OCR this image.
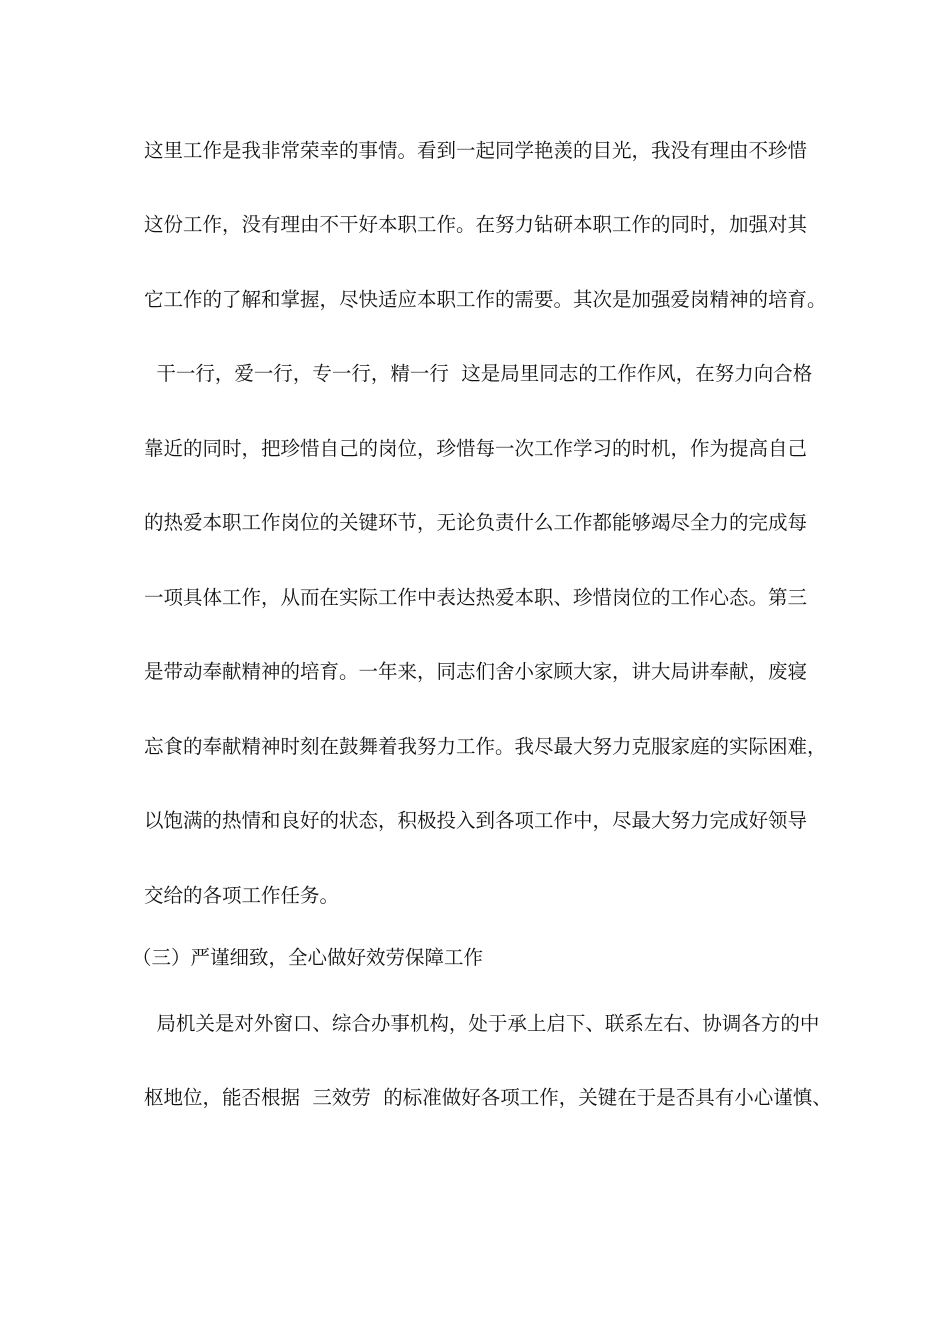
这里工作是我非常荣幸的事情。看到一起同学艳羡的目光，我没有理由不珍惜
这份工作，没有理由不干好本职工作。在努力钻研本职工作的同时，加强对其
它工作的了解和掌握，尽快适应本职工作的需要。其次是加强爱岗精神的培育。
干一行，爱一行，专一行，精一行  这是局里同志的工作作风，在努力向合格
靠近的同时，把珍惜自己的岗位，珍惜每一次工作学习的时机，作为提高自己
的热爱本职工作岗位的关键环节，无论负责什么工作都能够竭尽全力的完成每
一项具体工作，从而在实际工作中表达热爱本职、珍惜岗位的工作心态。第三
是带动奉献精神的培育。一年来，同志们舍小家顾大家，讲大局讲奉献，废寝
忘食的奉献精神时刻在鼓舞着我努力工作。我尽最大努力克服家庭的实际困难，
以饱满的热情和良好的状态，积极投入到各项工作中，尽最大努力完成好领导
交给的各项工作任务。
（三）严谨细致，全心做好效劳保障工作
局机关是对外窗口、综合办事机构，处于承上启下、联系左右、协调各方的中
枢地位，能否根据  三效劳  的标准做好各项工作，关键在于是否具有小心谨慎、
